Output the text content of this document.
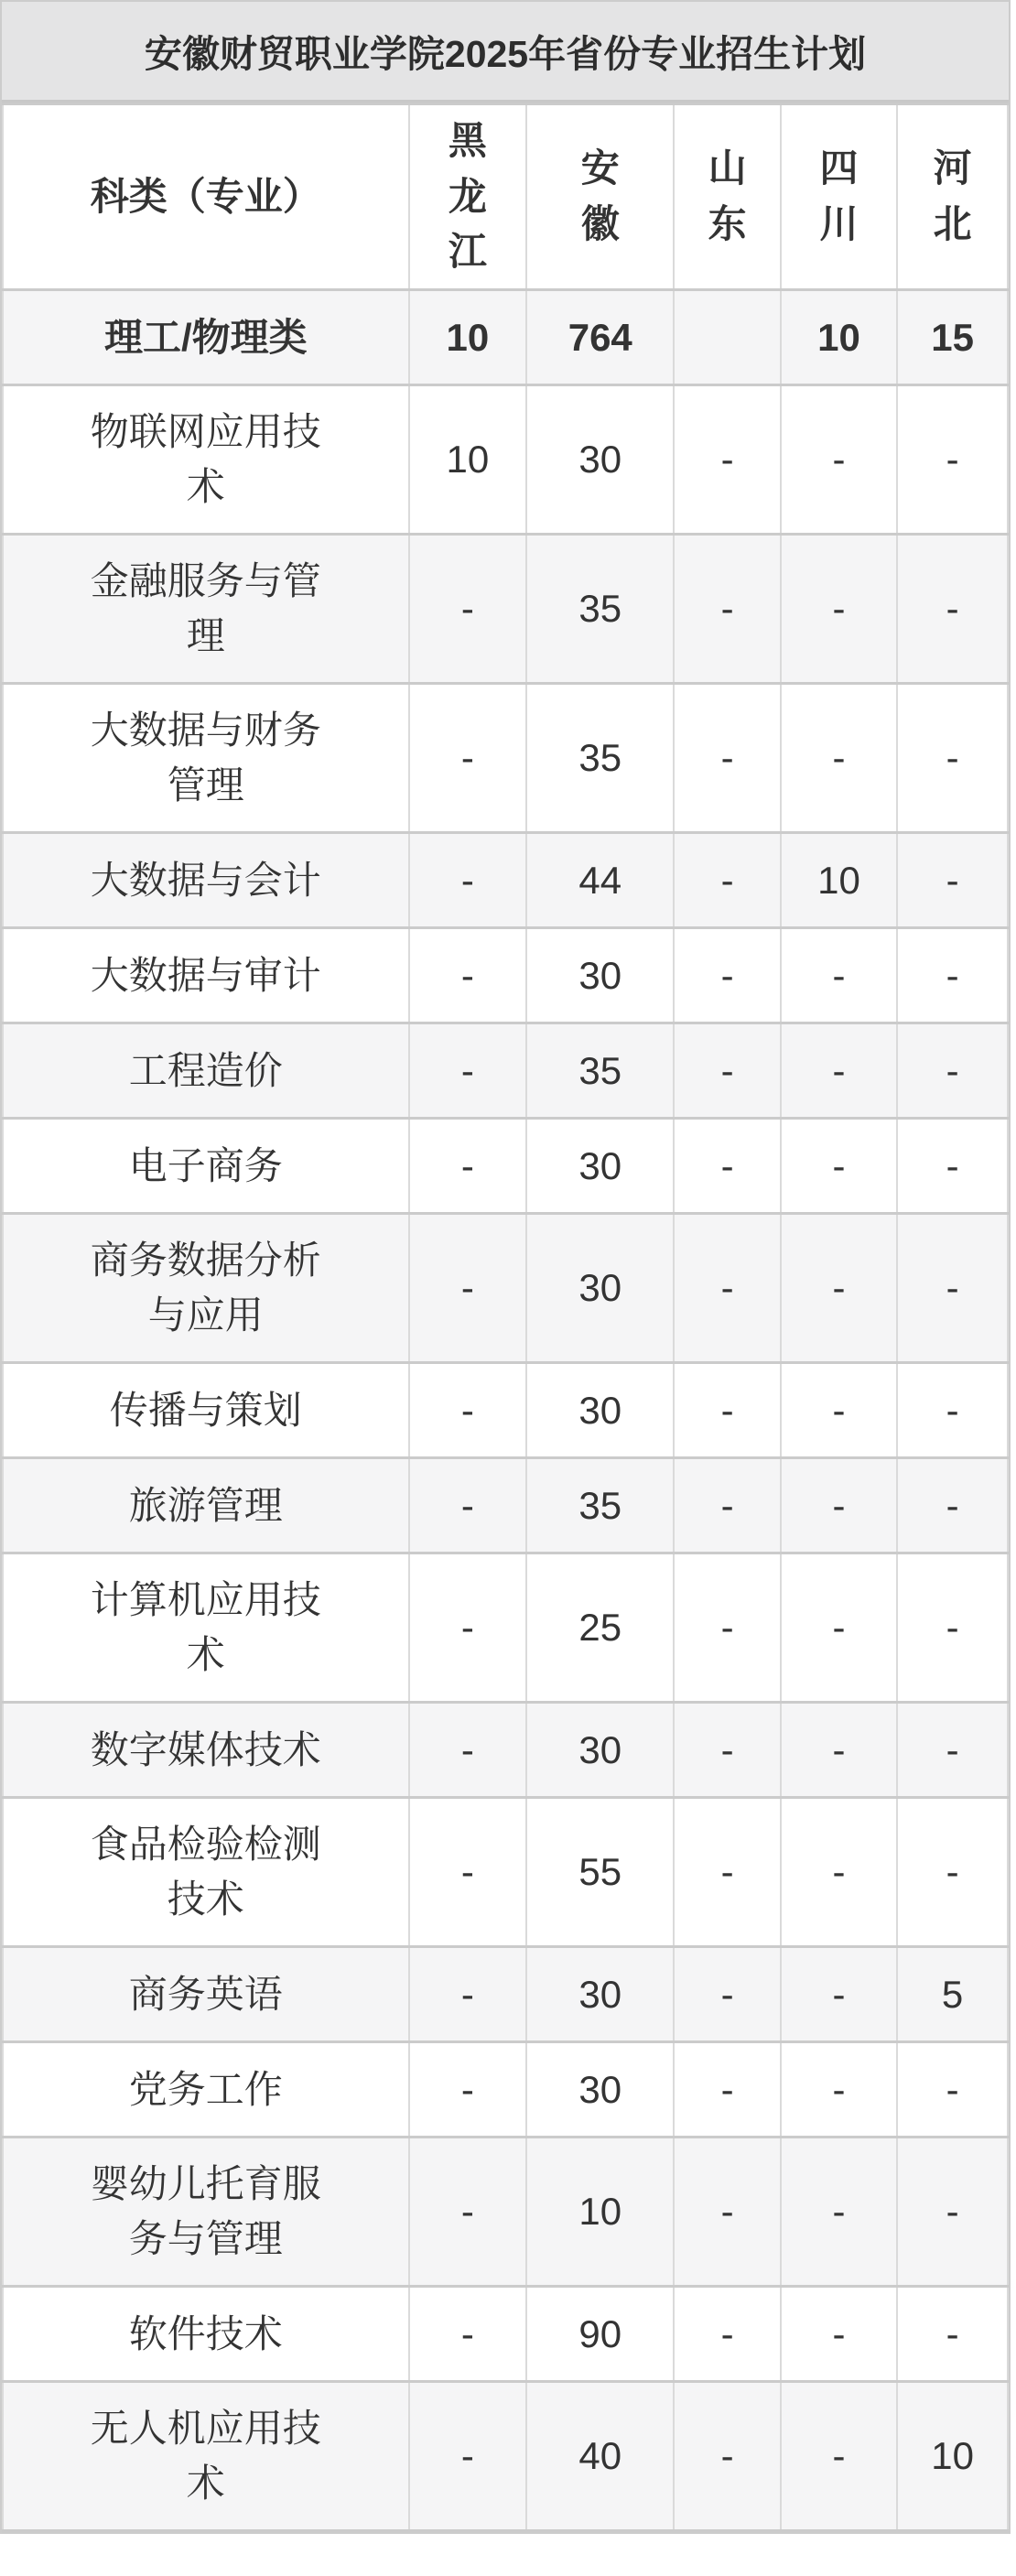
安徽财贸职业学院2025年省份专业招生计划
科类（专业）	黑龙江	安徽	山东	四川	河北
理工/物理类	10	764		10	15
物联网应用技术	10	30	-	-	-
金融服务与管理	-	35	-	-	-
大数据与财务管理	-	35	-	-	-
大数据与会计	-	44	-	10	-
大数据与审计	-	30	-	-	-
工程造价	-	35	-	-	-
电子商务	-	30	-	-	-
商务数据分析与应用	-	30	-	-	-
传播与策划	-	30	-	-	-
旅游管理	-	35	-	-	-
计算机应用技术	-	25	-	-	-
数字媒体技术	-	30	-	-	-
食品检验检测技术	-	55	-	-	-
商务英语	-	30	-	-	5
党务工作	-	30	-	-	-
婴幼儿托育服务与管理	-	10	-	-	-
软件技术	-	90	-	-	-
无人机应用技术	-	40	-	-	10
